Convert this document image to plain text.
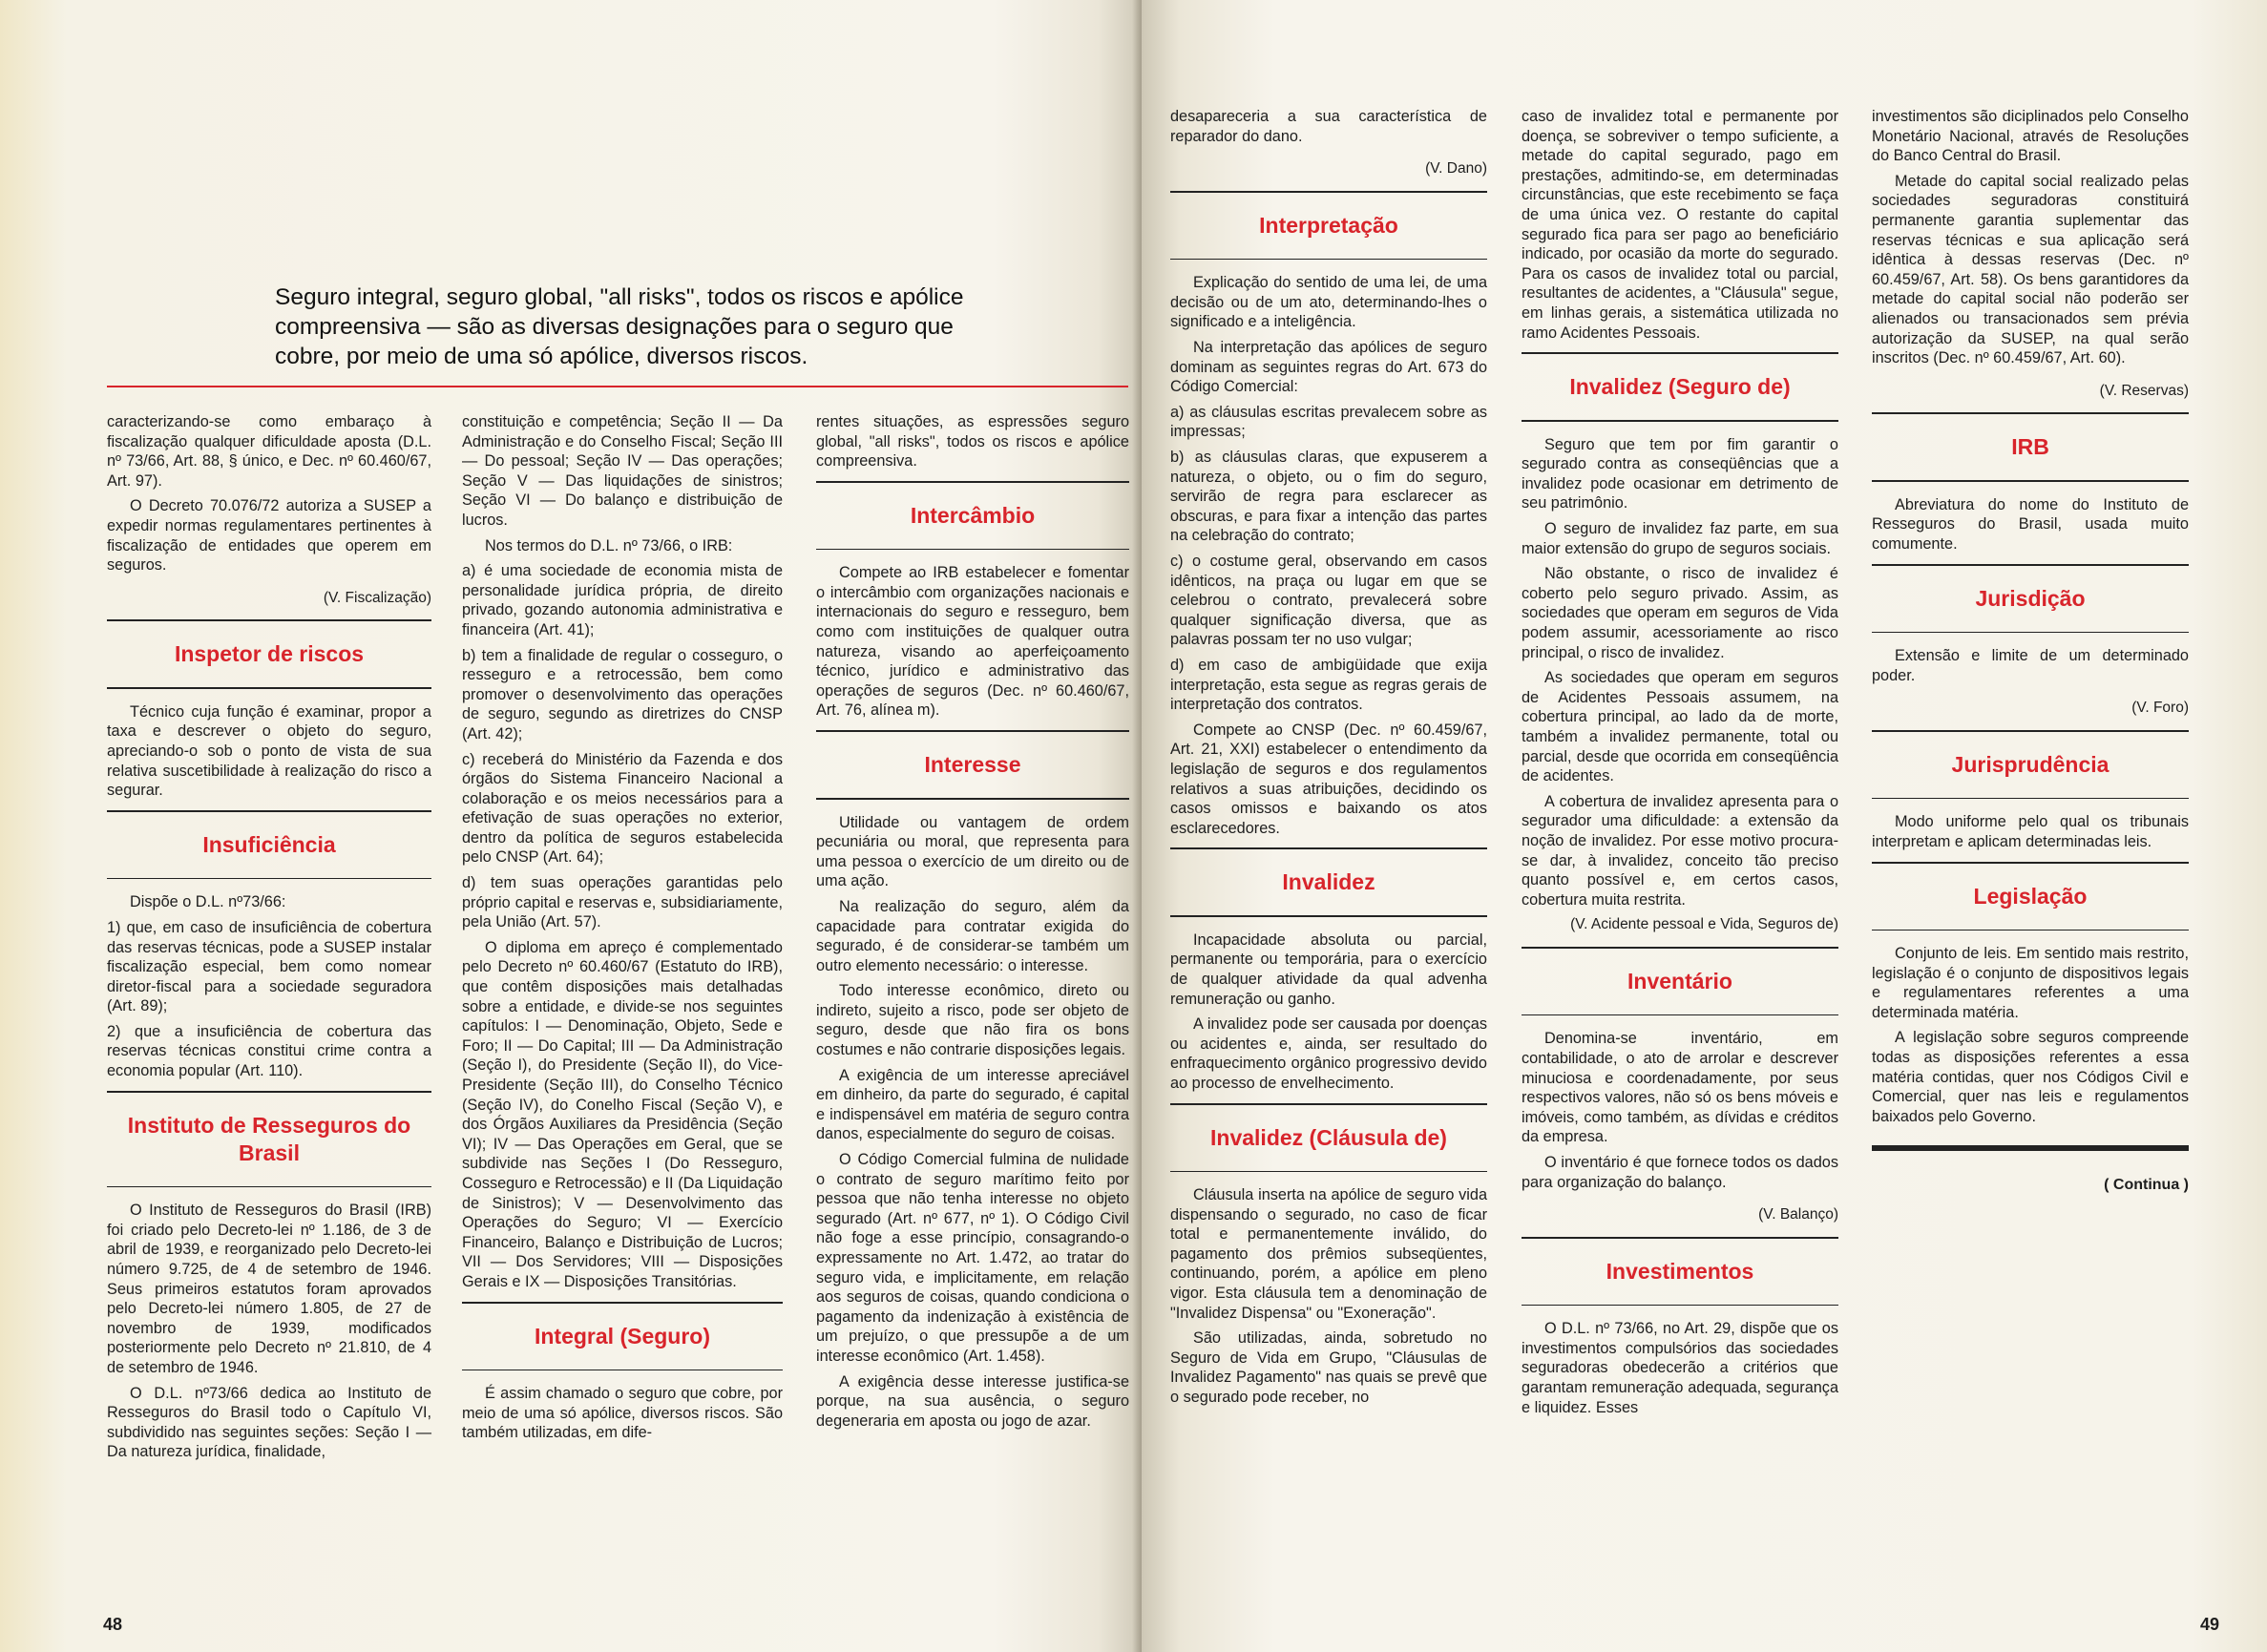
Seguro integral, seguro global, "all risks", todos os riscos e apólice compreensiva — são as diversas designações para o seguro que cobre, por meio de uma só apólice, diversos riscos.

caracterizando-se como embaraço à fiscalização qualquer dificuldade aposta (D.L. nº 73/66, Art. 88, § único, e Dec. nº 60.460/67, Art. 97).

O Decreto 70.076/72 autoriza a SUSEP a expedir normas regulamentares pertinentes à fiscalização de entidades que operem em seguros.

(V. Fiscalização)
Inspetor de riscos

Técnico cuja função é examinar, propor a taxa e descrever o objeto do seguro, apreciando-o sob o ponto de vista de sua relativa suscetibilidade à realização do risco a segurar.

Insuficiência

Dispõe o D.L. nº73/66:

1) que, em caso de insuficiência de cobertura das reservas técnicas, pode a SUSEP instalar fiscalização especial, bem como nomear diretor-fiscal para a sociedade seguradora (Art. 89);

2) que a insuficiência de cobertura das reservas técnicas constitui crime contra a economia popular (Art. 110).

Instituto de Resseguros do Brasil

O Instituto de Resseguros do Brasil (IRB) foi criado pelo Decreto-lei nº 1.186, de 3 de abril de 1939, e reorganizado pelo Decreto-lei número 9.725, de 4 de setembro de 1946. Seus primeiros estatutos foram aprovados pelo Decreto-lei número 1.805, de 27 de novembro de 1939, modificados posteriormente pelo Decreto nº 21.810, de 4 de setembro de 1946.

O D.L. nº73/66 dedica ao Instituto de Resseguros do Brasil todo o Capítulo VI, subdividido nas seguintes seções: Seção I — Da natureza jurídica, finalidade,

constituição e competência; Seção II — Da Administração e do Conselho Fiscal; Seção III — Do pessoal; Seção IV — Das operações; Seção V — Das liquidações de sinistros; Seção VI — Do balanço e distribuição de lucros.

Nos termos do D.L. nº 73/66, o IRB:

a) é uma sociedade de economia mista de personalidade jurídica própria, de direito privado, gozando autonomia administrativa e financeira (Art. 41);

b) tem a finalidade de regular o cosseguro, o resseguro e a retrocessão, bem como promover o desenvolvimento das operações de seguro, segundo as diretrizes do CNSP (Art. 42);

c) receberá do Ministério da Fazenda e dos órgãos do Sistema Financeiro Nacional a colaboração e os meios necessários para a efetivação de suas operações no exterior, dentro da política de seguros estabelecida pelo CNSP (Art. 64);

d) tem suas operações garantidas pelo próprio capital e reservas e, subsidiariamente, pela União (Art. 57).

O diploma em apreço é complementado pelo Decreto nº 60.460/67 (Estatuto do IRB), que contêm disposições mais detalhadas sobre a entidade, e divide-se nos seguintes capítulos: I — Denominação, Objeto, Sede e Foro; II — Do Capital; III — Da Administração (Seção I), do Presidente (Seção II), do Vice-Presidente (Seção III), do Conselho Técnico (Seção IV), do Conelho Fiscal (Seção V), e dos Órgãos Auxiliares da Presidência (Seção VI); IV — Das Operações em Geral, que se subdivide nas Seções I (Do Resseguro, Cosseguro e Retrocessão) e II (Da Liquidação de Sinistros); V — Desenvolvimento das Operações do Seguro; VI — Exercício Financeiro, Balanço e Distribuição de Lucros; VII — Dos Servidores; VIII — Disposições Gerais e IX — Disposições Transitórias.

Integral (Seguro)

É assim chamado o seguro que cobre, por meio de uma só apólice, diversos riscos. São também utilizadas, em dife-

rentes situações, as espressões seguro global, "all risks", todos os riscos e apólice compreensiva.

Intercâmbio

Compete ao IRB estabelecer e fomentar o intercâmbio com organizações nacionais e internacionais do seguro e resseguro, bem como com instituições de qualquer outra natureza, visando ao aperfeiçoamento técnico, jurídico e administrativo das operações de seguros (Dec. nº 60.460/67, Art. 76, alínea m).

Interesse

Utilidade ou vantagem de ordem pecuniária ou moral, que representa para uma pessoa o exercício de um direito ou de uma ação.

Na realização do seguro, além da capacidade para contratar exigida do segurado, é de considerar-se também um outro elemento necessário: o interesse.

Todo interesse econômico, direto ou indireto, sujeito a risco, pode ser objeto de seguro, desde que não fira os bons costumes e não contrarie disposições legais.

A exigência de um interesse apreciável em dinheiro, da parte do segurado, é capital e indispensável em matéria de seguro contra danos, especialmente do seguro de coisas.

O Código Comercial fulmina de nulidade o contrato de seguro marítimo feito por pessoa que não tenha interesse no objeto segurado (Art. nº 677, nº 1). O Código Civil não foge a esse princípio, consagrando-o expressamente no Art. 1.472, ao tratar do seguro vida, e implicitamente, em relação aos seguros de coisas, quando condiciona o pagamento da indenização à existência de um prejuízo, o que pressupõe a de um interesse econômico (Art. 1.458).

A exigência desse interesse justifica-se porque, na sua ausência, o seguro degeneraria em aposta ou jogo de azar.

48

desapareceria a sua característica de reparador do dano.

(V. Dano)
Interpretação

Explicação do sentido de uma lei, de uma decisão ou de um ato, determinando-lhes o significado e a inteligência.

Na interpretação das apólices de seguro dominam as seguintes regras do Art. 673 do Código Comercial:

a) as cláusulas escritas prevalecem sobre as impressas;

b) as cláusulas claras, que expuserem a natureza, o objeto, ou o fim do seguro, servirão de regra para esclarecer as obscuras, e para fixar a intenção das partes na celebração do contrato;

c) o costume geral, observando em casos idênticos, na praça ou lugar em que se celebrou o contrato, prevalecerá sobre qualquer significação diversa, que as palavras possam ter no uso vulgar;

d) em caso de ambigüidade que exija interpretação, esta segue as regras gerais de interpretação dos contratos.

Compete ao CNSP (Dec. nº 60.459/67, Art. 21, XXI) estabelecer o entendimento da legislação de seguros e dos regulamentos relativos a suas atribuições, decidindo os casos omissos e baixando os atos esclarecedores.

Invalidez

Incapacidade absoluta ou parcial, permanente ou temporária, para o exercício de qualquer atividade da qual advenha remuneração ou ganho.

A invalidez pode ser causada por doenças ou acidentes e, ainda, ser resultado do enfraquecimento orgânico progressivo devido ao processo de envelhecimento.

Invalidez (Cláusula de)

Cláusula inserta na apólice de seguro vida dispensando o segurado, no caso de ficar total e permanentemente inválido, do pagamento dos prêmios subseqüentes, continuando, porém, a apólice em pleno vigor. Esta cláusula tem a denominação de "Invalidez Dispensa" ou "Exoneração".

São utilizadas, ainda, sobretudo no Seguro de Vida em Grupo, "Cláusulas de Invalidez Pagamento" nas quais se prevê que o segurado pode receber, no

caso de invalidez total e permanente por doença, se sobreviver o tempo suficiente, a metade do capital segurado, pago em prestações, admitindo-se, em determinadas circunstâncias, que este recebimento se faça de uma única vez. O restante do capital segurado fica para ser pago ao beneficiário indicado, por ocasião da morte do segurado. Para os casos de invalidez total ou parcial, resultantes de acidentes, a "Cláusula" segue, em linhas gerais, a sistemática utilizada no ramo Acidentes Pessoais.

Invalidez (Seguro de)

Seguro que tem por fim garantir o segurado contra as conseqüências que a invalidez pode ocasionar em detrimento de seu patrimônio.

O seguro de invalidez faz parte, em sua maior extensão do grupo de seguros sociais.

Não obstante, o risco de invalidez é coberto pelo seguro privado. Assim, as sociedades que operam em seguros de Vida podem assumir, acessoriamente ao risco principal, o risco de invalidez.

As sociedades que operam em seguros de Acidentes Pessoais assumem, na cobertura principal, ao lado da de morte, também a invalidez permanente, total ou parcial, desde que ocorrida em conseqüência de acidentes.

A cobertura de invalidez apresenta para o segurador uma dificuldade: a extensão da noção de invalidez. Por esse motivo procura-se dar, à invalidez, conceito tão preciso quanto possível e, em certos casos, cobertura muita restrita.

(V. Acidente pessoal e Vida, Seguros de)
Inventário

Denomina-se inventário, em contabilidade, o ato de arrolar e descrever minuciosa e coordenadamente, por seus respectivos valores, não só os bens móveis e imóveis, como também, as dívidas e créditos da empresa.

O inventário é que fornece todos os dados para organização do balanço.

(V. Balanço)
Investimentos

O D.L. nº 73/66, no Art. 29, dispõe que os investimentos compulsórios das sociedades seguradoras obedecerão a critérios que garantam remuneração adequada, segurança e liquidez. Esses

investimentos são diciplinados pelo Conselho Monetário Nacional, através de Resoluções do Banco Central do Brasil.

Metade do capital social realizado pelas sociedades seguradoras constituirá permanente garantia suplementar das reservas técnicas e sua aplicação será idêntica à dessas reservas (Dec. nº 60.459/67, Art. 58). Os bens garantidores da metade do capital social não poderão ser alienados ou transacionados sem prévia autorização da SUSEP, na qual serão inscritos (Dec. nº 60.459/67, Art. 60).

(V. Reservas)
IRB

Abreviatura do nome do Instituto de Resseguros do Brasil, usada muito comumente.

Jurisdição

Extensão e limite de um determinado poder.

(V. Foro)
Jurisprudência

Modo uniforme pelo qual os tribunais interpretam e aplicam determinadas leis.

Legislação

Conjunto de leis. Em sentido mais restrito, legislação é o conjunto de dispositivos legais e regulamentares referentes a uma determinada matéria.

A legislação sobre seguros compreende todas as disposições referentes a essa matéria contidas, quer nos Códigos Civil e Comercial, quer nas leis e regulamentos baixados pelo Governo.

( Continua )
49
